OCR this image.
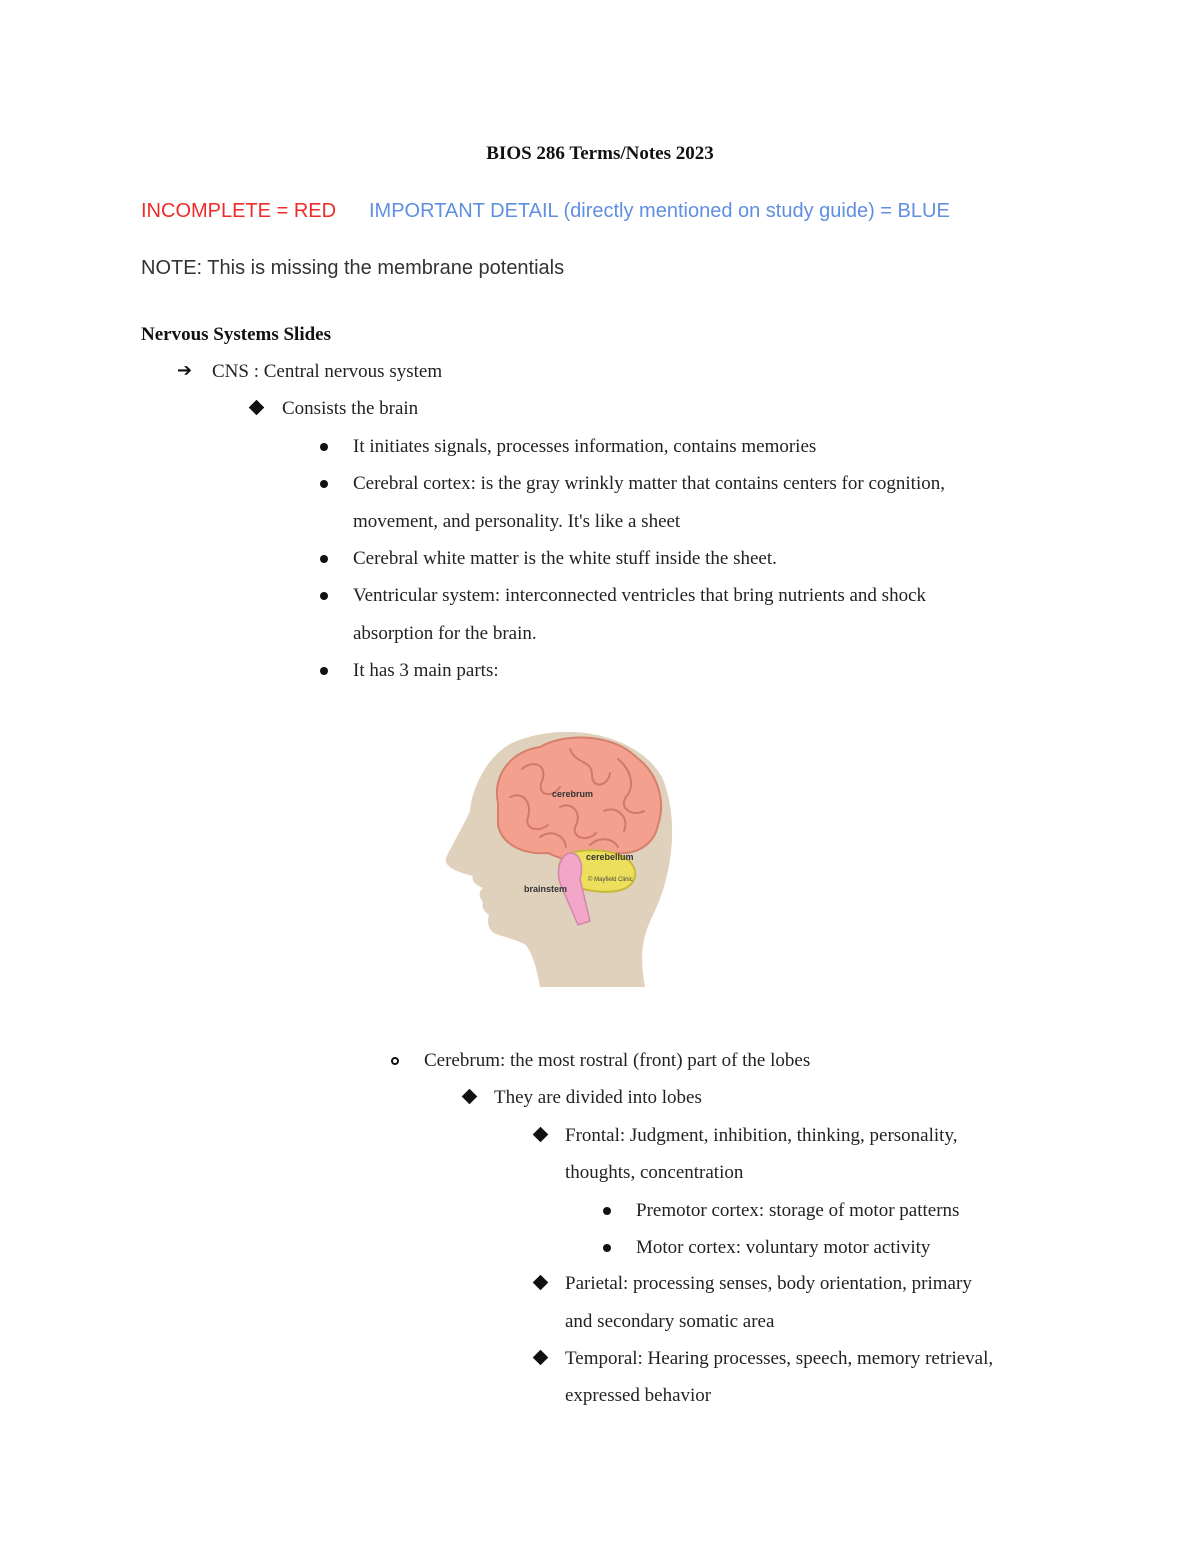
BIOS 286 Terms/Notes 2023
INCOMPLETE = RED IMPORTANT DETAIL (directly mentioned on study guide) = BLUE
NOTE: This is missing the membrane potentials
Nervous Systems Slides
➔ CNS : Central nervous system
Consists the brain
It initiates signals, processes information, contains memories
Cerebral cortex: is the gray wrinkly matter that contains centers for cognition,
movement, and personality. It's like a sheet
Cerebral white matter is the white stuff inside the sheet.
Ventricular system: interconnected ventricles that bring nutrients and shock
absorption for the brain.
It has 3 main parts:
cerebrum
cerebellum
© Mayfield Clinic
brainstem
Cerebrum: the most rostral (front) part of the lobes
They are divided into lobes
Frontal: Judgment, inhibition, thinking, personality,
thoughts, concentration
Premotor cortex: storage of motor patterns
Motor cortex: voluntary motor activity
Parietal: processing senses, body orientation, primary
and secondary somatic area
Temporal: Hearing processes, speech, memory retrieval,
expressed behavior
